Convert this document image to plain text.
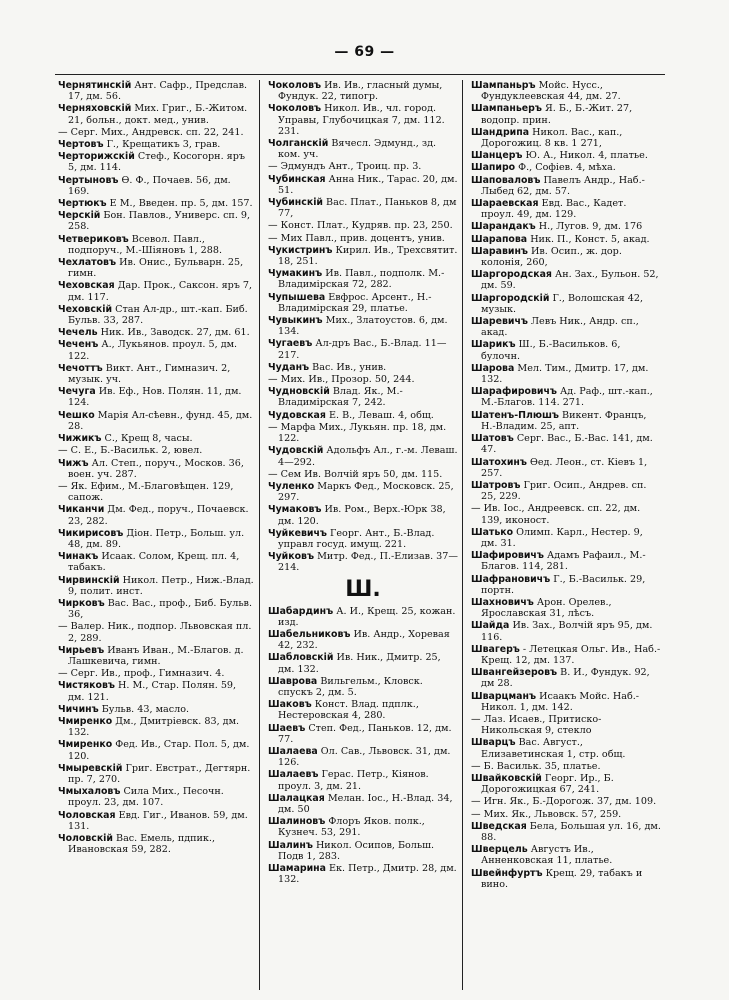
— 69 —
Чернятинскій Ант. Сафр., Предслав. 17, дм. 56.
Черняховскій Мих. Григ., Б.-Житом. 21, больн., докт. мед., унив.
— Серг. Мих., Андревск. сп. 22, 241.
Чертовъ Г., Крещатикъ 3, грав.
Черторижскій Стеф., Косогорн. яръ 5, дм. 114.
Чертыновъ Ѳ. Ф., Почаев. 56, дм. 169.
Чертюкъ Е М., Введен. пр. 5, дм. 157.
Черскій Бон. Павлов., Универс. сп. 9, 258.
Четвериковъ Всевол. Павл., подпоруч., М.-Шіяновъ 1, 288.
Чехлатовъ Ив. Онис., Бульварн. 25, гимн.
Чеховская Дар. Прок., Саксон. яръ 7, дм. 117.
Чеховскій Стан Ал-др., шт.-кап. Биб. Бульв. 33, 287.
Чечель Ник. Ив., Заводск. 27, дм. 61.
Чеченъ А., Лукьянов. проул. 5, дм. 122.
Чечоттъ Викт. Ант., Гимназич. 2, музык. уч.
Чечуга Ив. Еф., Нов. Полян. 11, дм. 124.
Чешко Марія Ал-сѣевн., фунд. 45, дм. 28.
Чижикъ С., Крещ 8, часы.
— С. Е., Б.-Васильк. 2, ювел.
Чижъ Ал. Степ., поруч., Москов. 36, воен. уч. 287.
— Як. Ефим., М.-Благовѣщен. 129, сапож.
Чиканчи Дм. Фед., поруч., Почаевск. 23, 282.
Чикирисовъ Діон. Петр., Больш. ул. 48, дм. 89.
Чинакъ Исаак. Солом, Крещ. пл. 4, табакъ.
Чирвинскій Никол. Петр., Ниж.-Влад. 9, полит. инст.
Чирковъ Вас. Вас., проф., Биб. Бульв. 36,
— Валер. Ник., подпор. Львовская пл. 2, 289.
Чирьевъ Иванъ Иван., М.-Благов. д. Лашкевича, гимн.
— Серг. Ив., проф., Гимназич. 4.
Чистяковъ Н. М., Стар. Полян. 59, дм. 121.
Чичинъ Бульв. 43, масло.
Чмиренко Дм., Дмитріевск. 83, дм. 132.
Чмиренко Фед. Ив., Стар. Пол. 5, дм. 120.
Чмыревскій Григ. Евстрат., Дегтярн. пр. 7, 270.
Чмыхаловъ Сила Мих., Песочн. проул. 23, дм. 107.
Чоловская Евд. Гиг., Иванов. 59, дм. 131.
Чоловскій Вас. Емель, пдпик., Ивановская 59, 282.
Чоколовъ Ив. Ив., гласный думы, Фундук. 22, типогр.
Чоколовъ Никол. Ив., чл. город. Управы, Глубочицкая 7, дм. 112. 231.
Чолганскій Вячесл. Эдмунд., зд. ком. уч.
— Эдмундъ Ант., Троиц. пр. 3.
Чубинская Анна Ник., Тарас. 20, дм. 51.
Чубинскій Вас. Плат., Паньков 8, дм 77,
— Конст. Плат., Кудряв. пр. 23, 250.
— Мих Павл., прив. доцентъ, унив.
Чукистринъ Кирил. Ив., Трехсвятит. 18, 251.
Чумакинъ Ив. Павл., подполк. М.-Владимірская 72, 282.
Чупышева Евфрос. Арсент., Н.-Владимірская 29, платье.
Чувыкинъ Мих., Златоустов. 6, дм. 134.
Чугаевъ Ал-дръ Вас., Б.-Влад. 11—217.
Чуданъ Вас. Ив., унив.
— Мих. Ив., Прозор. 50, 244.
Чудновскій Влад. Як., М.-Владимірская 7, 242.
Чудовская Е. В., Леваш. 4, общ.
— Марфа Мих., Лукьян. пр. 18, дм. 122.
Чудовскій Адольфъ Ал., г.-м. Леваш. 4—292.
— Сем Ив. Волчій яръ 50, дм. 115.
Чуленко Маркъ Фед., Московск. 25, 297.
Чумаковъ Ив. Ром., Верх.-Юрк 38, дм. 120.
Чуйкевичъ Георг. Ант., Б.-Влад. управл госуд. имущ. 221.
Чуйковъ Митр. Фед., П.-Елизав. 37—214.
Ш.
Шабардинъ А. И., Крещ. 25, кожан. изд.
Шабельниковъ Ив. Андр., Хоревая 42, 232.
Шабловскій Ив. Ник., Дмитр. 25, дм. 132.
Шаврова Вильгельм., Кловск. спускъ 2, дм. 5.
Шаковъ Конст. Влад. пдплк., Нестеровская 4, 280.
Шаевъ Степ. Фед., Паньков. 12, дм. 77.
Шалаева Ол. Сав., Львовск. 31, дм. 126.
Шалаевъ Герас. Петр., Кіянов. проул. 3, дм. 21.
Шалацкая Мелан. Іос., Н.-Влад. 34, дм. 50
Шалиновъ Флоръ Яков. полк., Кузнеч. 53, 291.
Шалинъ Никол. Осипов, Больш. Подв 1, 283.
Шамарина Ек. Петр., Дмитр. 28, дм. 132.
Шампаньръ Мойс. Нусс., Фундуклеевская 44, дм. 27.
Шампаньеръ Я. Б., Б.-Жит. 27, водопр. прин.
Шандрипа Никол. Вас., кап., Дорогожиц. 8 кв. 1 271,
Шанцеръ Ю. А., Никол. 4, платье.
Шапиро Ф., Софіев. 4, мѣха.
Шаповаловъ Павелъ Андр., Наб.-Лыбед 62, дм. 57.
Шараевская Евд. Вас., Кадет. проул. 49, дм. 129.
Шарандакъ Н., Лугов. 9, дм. 176
Шарапова Ник. П., Конст. 5, акад.
Шаравинъ Ив. Осип., ж. дор. колонія, 260,
Шаргородская Ан. Зах., Бульон. 52, дм. 59.
Шаргородскій Г., Волошская 42, музык.
Шаревичъ Левъ Ник., Андр. сп., акад.
Шарикъ Ш., Б.-Васильков. 6, булочн.
Шарова Мел. Тим., Дмитр. 17, дм. 132.
Шарафировичъ Ад. Раф., шт.-кап., М.-Благов. 114. 271.
Шатенъ-Плюшъ Викент. Францъ, Н.-Владим. 25, апт.
Шатовъ Серг. Вас., Б.-Вас. 141, дм. 47.
Шатохинъ Ѳед. Леон., ст. Кіевъ 1, 257.
Шатровъ Григ. Осип., Андрев. сп. 25, 229.
— Ив. Іос., Андреевск. сп. 22, дм. 139, иконост.
Шатько Олимп. Карл., Нестер. 9, дм. 31.
Шафировичъ Адамъ Рафаил., М.-Благов. 114, 281.
Шафрановичъ Г., Б.-Васильк. 29, портн.
Шахновичъ Арон. Орелев., Ярославская 31, лѣсъ.
Шайда Ив. Зах., Волчій яръ 95, дм. 116.
Швагеръ - Летецкая Ольг. Ив., Наб.-Крещ. 12, дм. 137.
Швангейзеровъ В. И., Фундук. 92, дм 28.
Шварцманъ Исаакъ Мойс. Наб.-Никол. 1, дм. 142.
— Лаз. Исаев., Притиско-Никольская 9, стекло
Шварцъ Вас. Август., Елизаветинская 1, стр. общ.
— Б. Васильк. 35, платье.
Швайковскій Георг. Ир., Б. Дорогожицкая 67, 241.
— Игн. Як., Б.-Дорогож. 37, дм. 109.
— Мих. Як., Львовск. 57, 259.
Шведская Бела, Большая ул. 16, дм. 88.
Шверцель Августъ Ив., Анненковская 11, платье.
Швейнфуртъ Крещ. 29, табакъ и вино.
